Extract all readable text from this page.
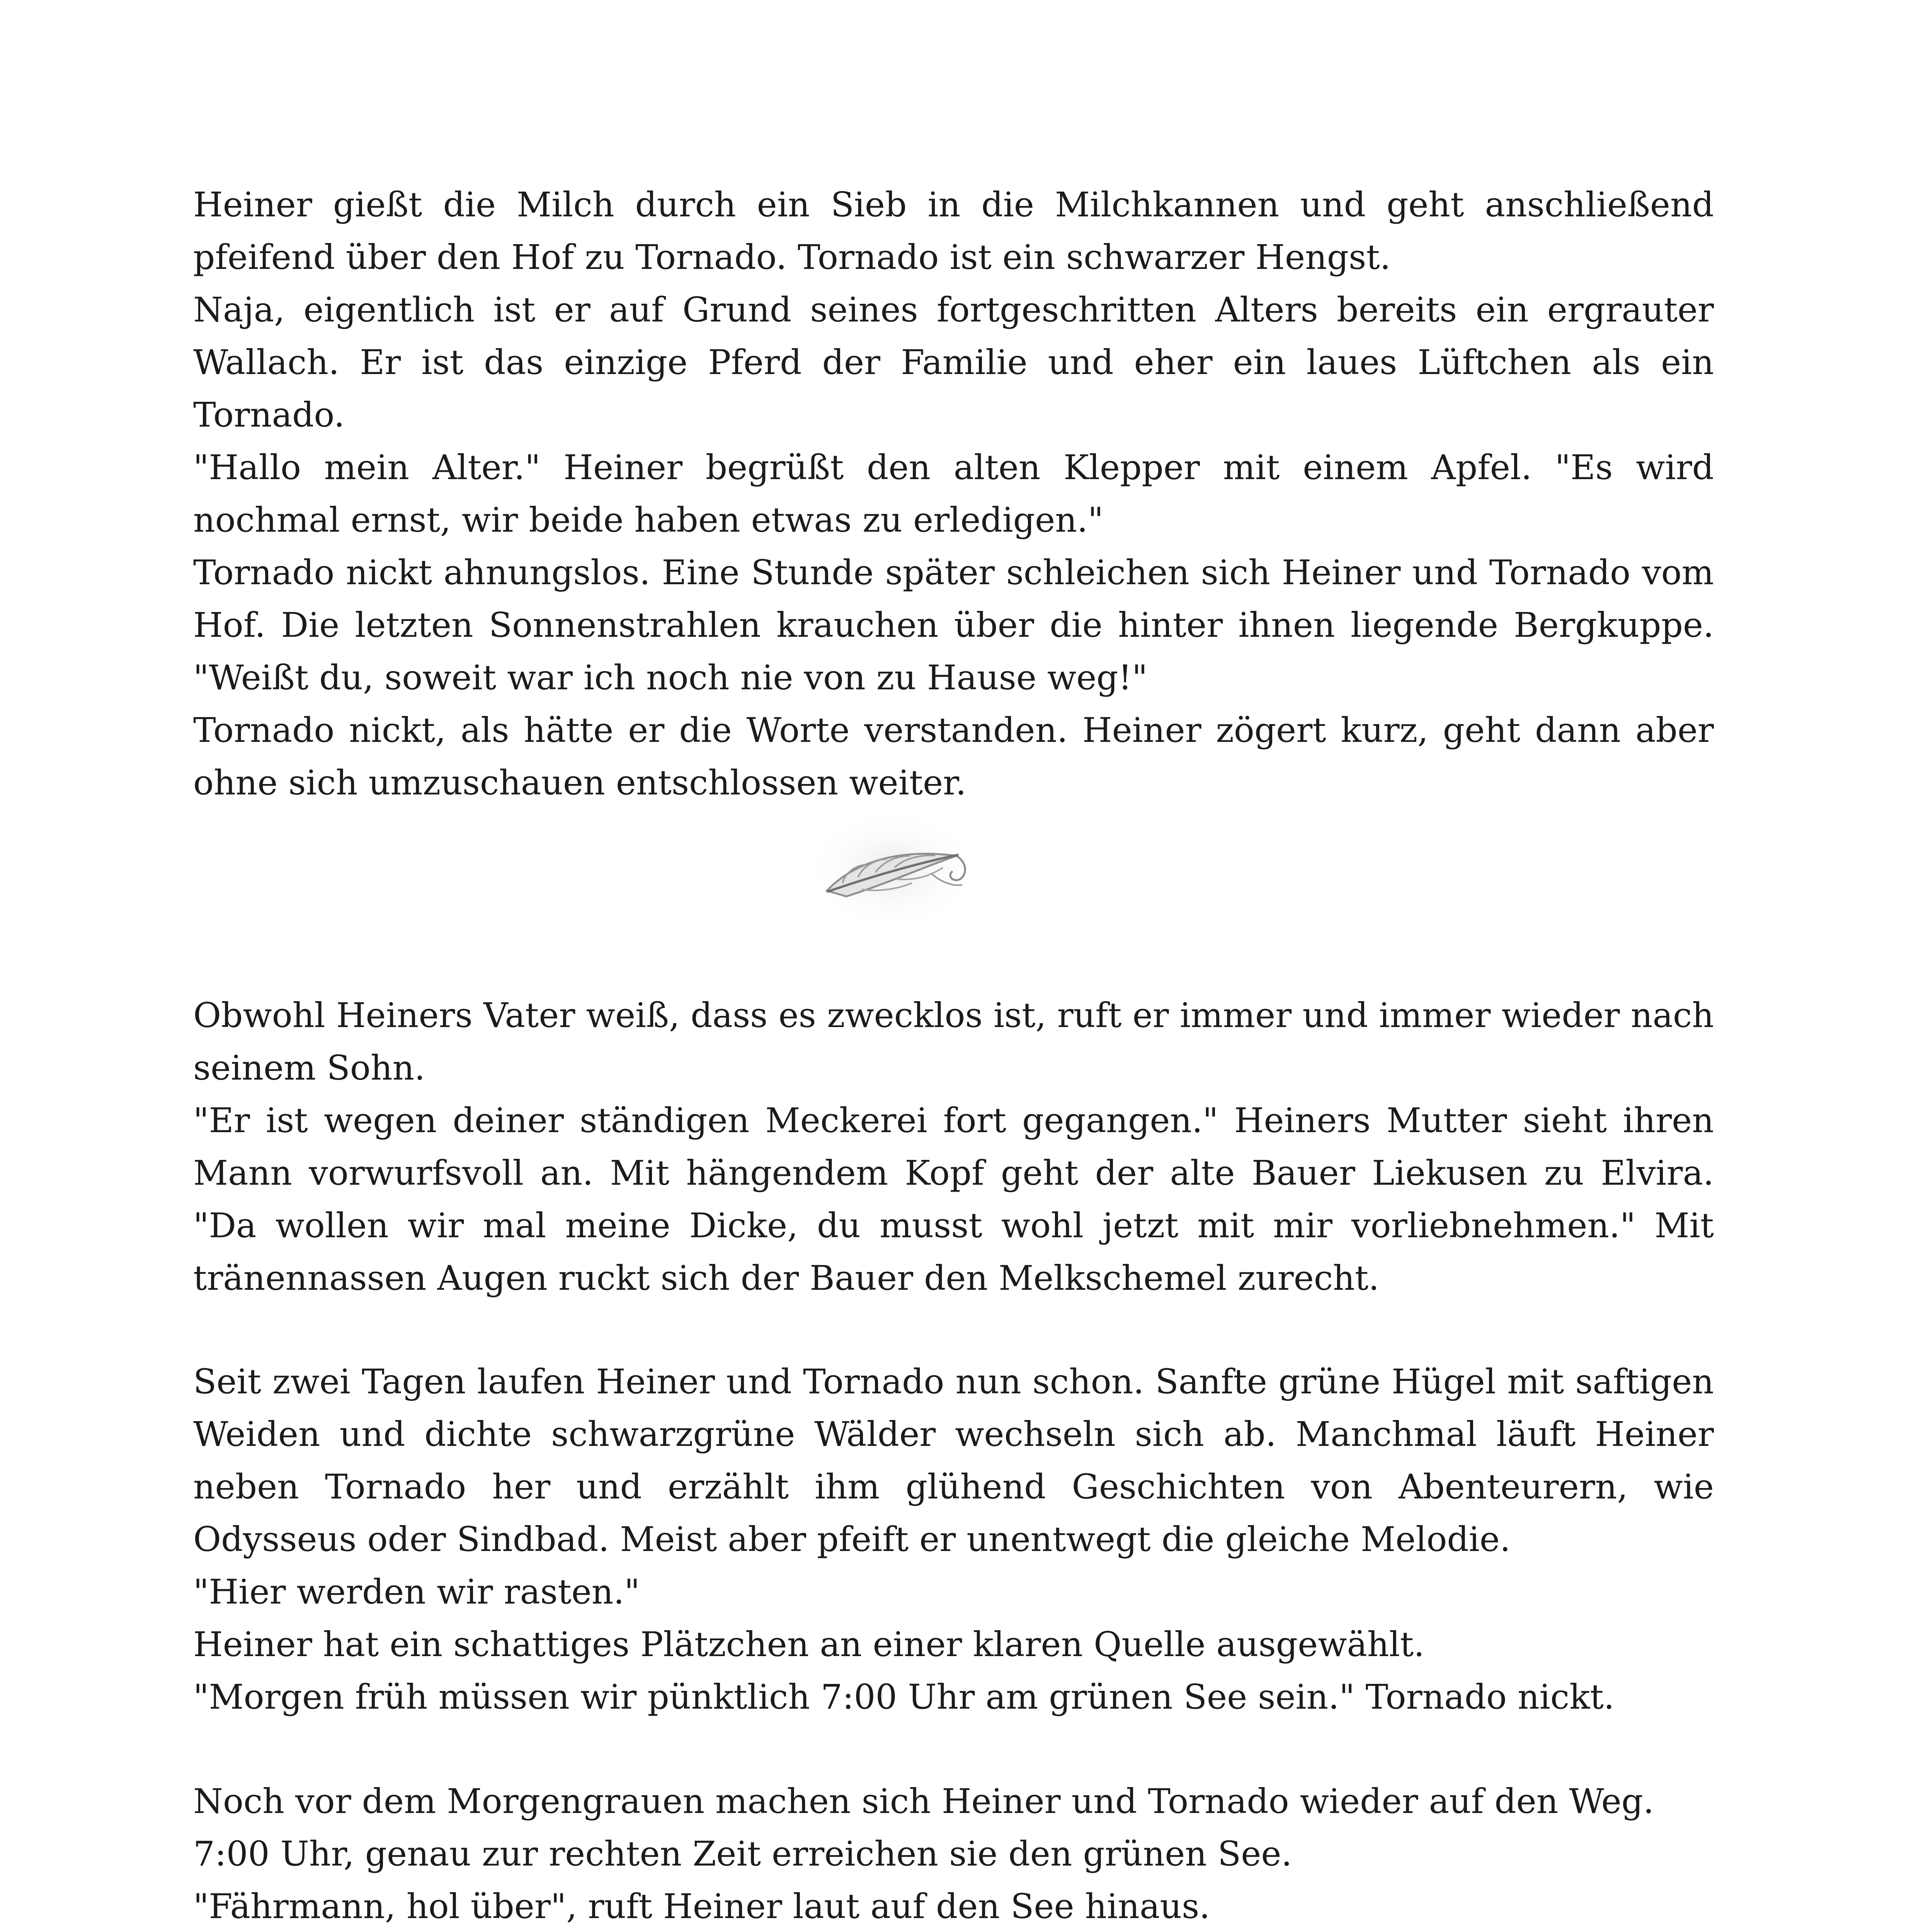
Heiner gießt die Milch durch ein Sieb in die Milchkannen und geht anschließend pfeifend über den Hof zu Tornado. Tornado ist ein schwarzer Hengst.

Naja, eigentlich ist er auf Grund seines fortgeschritten Alters bereits ein ergrauter Wallach. Er ist das einzige Pferd der Familie und eher ein laues Lüftchen als ein Tornado.

"Hallo mein Alter." Heiner begrüßt den alten Klepper mit einem Apfel. "Es wird nochmal ernst, wir beide haben etwas zu erledigen."

Tornado nickt ahnungslos. Eine Stunde später schleichen sich Heiner und Tornado vom Hof. Die letzten Sonnenstrahlen krauchen über die hinter ihnen liegende Bergkuppe. "Weißt du, soweit war ich noch nie von zu Hause weg!"

Tornado nickt, als hätte er die Worte verstanden. Heiner zögert kurz, geht dann aber ohne sich umzuschauen entschlossen weiter.

Obwohl Heiners Vater weiß, dass es zwecklos ist, ruft er immer und immer wieder nach seinem Sohn.

"Er ist wegen deiner ständigen Meckerei fort gegangen." Heiners Mutter sieht ihren Mann vorwurfsvoll an. Mit hängendem Kopf geht der alte Bauer Liekusen zu Elvira. "Da wollen wir mal meine Dicke, du musst wohl jetzt mit mir vorliebnehmen." Mit tränennassen Augen ruckt sich der Bauer den Melkschemel zurecht.

Seit zwei Tagen laufen Heiner und Tornado nun schon. Sanfte grüne Hügel mit saftigen Weiden und dichte schwarzgrüne Wälder wechseln sich ab. Manchmal läuft Heiner neben Tornado her und erzählt ihm glühend Geschichten von Abenteurern, wie Odysseus oder Sindbad. Meist aber pfeift er unentwegt die gleiche Melodie.

"Hier werden wir rasten."

Heiner hat ein schattiges Plätzchen an einer klaren Quelle ausgewählt.

"Morgen früh müssen wir pünktlich 7:00 Uhr am grünen See sein." Tornado nickt.

Noch vor dem Morgengrauen machen sich Heiner und Tornado wieder auf den Weg.

7:00 Uhr, genau zur rechten Zeit erreichen sie den grünen See.

"Fährmann, hol über", ruft Heiner laut auf den See hinaus.
